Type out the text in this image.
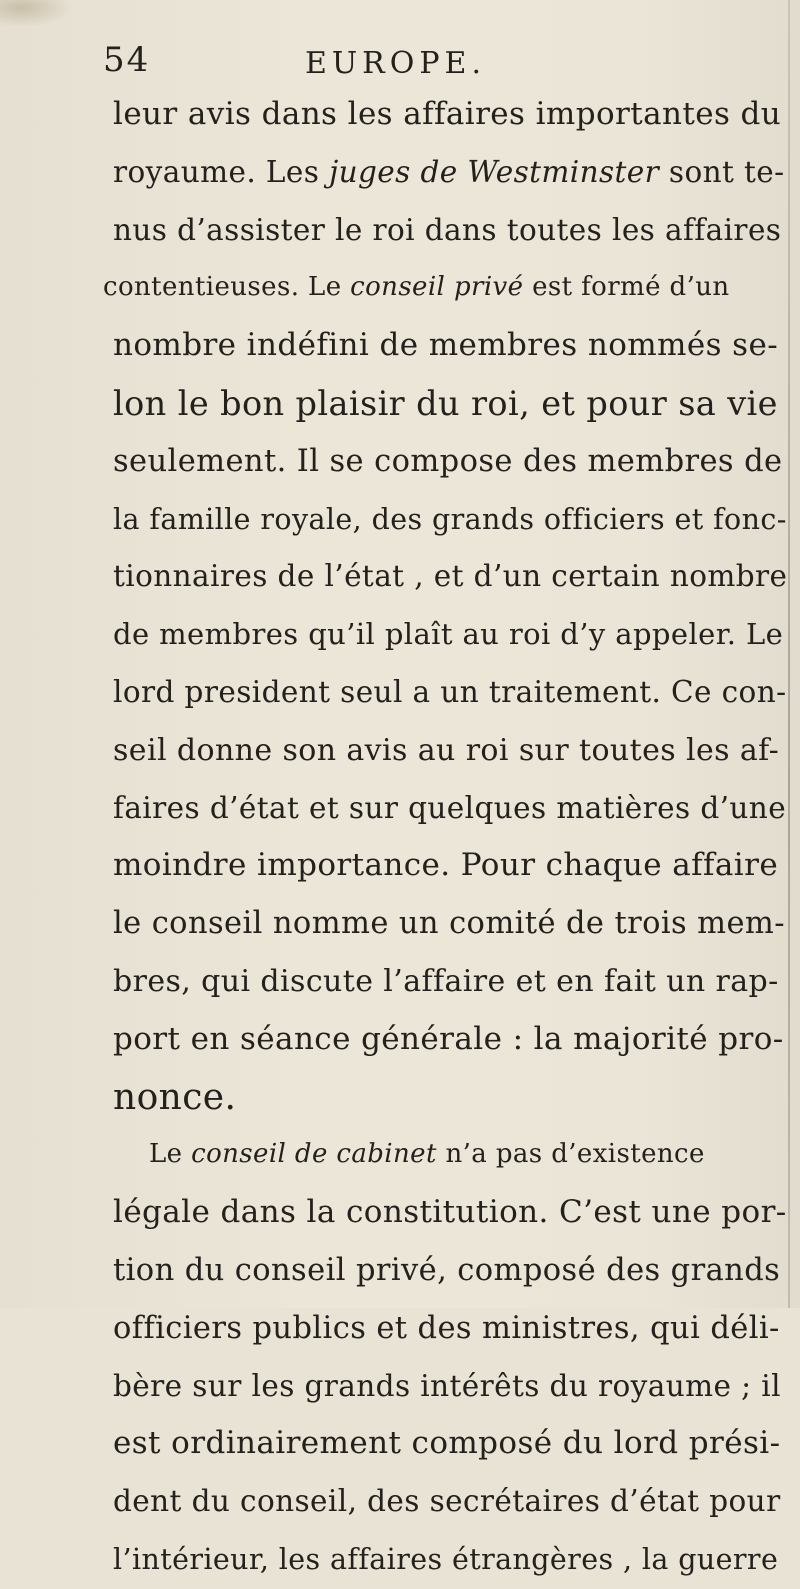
54	EUROPE.
leur avis dans les affaires importantes du
royaume. Les juges de Westminster sont te-
nus d’assister le roi dans toutes les affaires
contentieuses. Le conseil privé est formé d’un
nombre indéfini de membres nommés se-
lon le bon plaisir du roi, et pour sa vie
seulement. Il se compose des membres de
la famille royale, des grands officiers et fonc-
tionnaires de l’état , et d’un certain nombre
de membres qu’il plaît au roi d’y appeler. Le
lord president seul a un traitement. Ce con-
seil donne son avis au roi sur toutes les af-
faires d’état et sur quelques matières d’une
moindre importance. Pour chaque affaire
le conseil nomme un comité de trois mem-
bres, qui discute l’affaire et en fait un rap-
port en séance générale : la majorité pro-
nonce.
Le conseil de cabinet n’a pas d’existence
légale dans la constitution. C’est une por-
tion du conseil privé, composé des grands
officiers publics et des ministres, qui déli-
bère sur les grands intérêts du royaume ; il
est ordinairement composé du lord prési-
dent du conseil, des secrétaires d’état pour
l’intérieur, les affaires étrangères , la guerre
